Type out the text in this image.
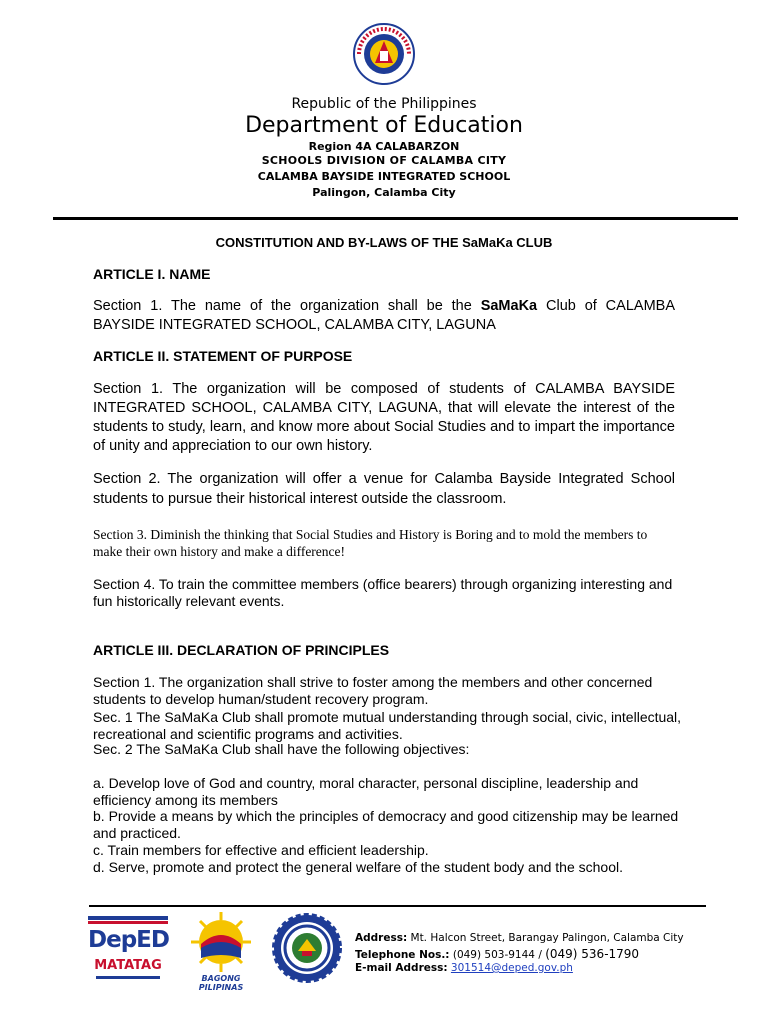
Republic of the Philippines
Department of Education
Region 4A CALABARZON
SCHOOLS DIVISION OF CALAMBA CITY
CALAMBA BAYSIDE INTEGRATED SCHOOL
Palingon, Calamba City
CONSTITUTION AND BY-LAWS OF THE SaMaKa CLUB
ARTICLE I. NAME
Section 1. The name of the organization shall be the SaMaKa Club of CALAMBA BAYSIDE INTEGRATED SCHOOL, CALAMBA CITY, LAGUNA
ARTICLE II. STATEMENT OF PURPOSE
Section 1. The organization will be composed of students of CALAMBA BAYSIDE INTEGRATED SCHOOL, CALAMBA CITY, LAGUNA, that will elevate the interest of the students to study, learn, and know more about Social Studies and to impart the importance of unity and appreciation to our own history.
Section 2. The organization will offer a venue for Calamba Bayside Integrated School students to pursue their historical interest outside the classroom.
Section 3. Diminish the thinking that Social Studies and History is Boring and to mold the members to make their own history and make a difference!
Section 4. To train the committee members (office bearers) through organizing interesting and fun historically relevant events.
ARTICLE III. DECLARATION OF PRINCIPLES
Section 1. The organization shall strive to foster among the members and other concerned students to develop human/student recovery program.
Sec. 1 The SaMaKa Club shall promote mutual understanding through social, civic, intellectual, recreational and scientific programs and activities.
Sec. 2 The SaMaKa Club shall have the following objectives:
a. Develop love of God and country, moral character, personal discipline, leadership and efficiency among its members
b. Provide a means by which the principles of democracy and good citizenship may be learned and practiced.
c. Train members for effective and efficient leadership.
d. Serve, promote and protect the general welfare of the student body and the school.
DepED
MATATAG
BAGONG PILIPINAS
Address: Mt. Halcon Street, Barangay Palingon, Calamba City
Telephone Nos.: (049) 503-9144 / (049) 536-1790
E-mail Address: 301514@deped.gov.ph
